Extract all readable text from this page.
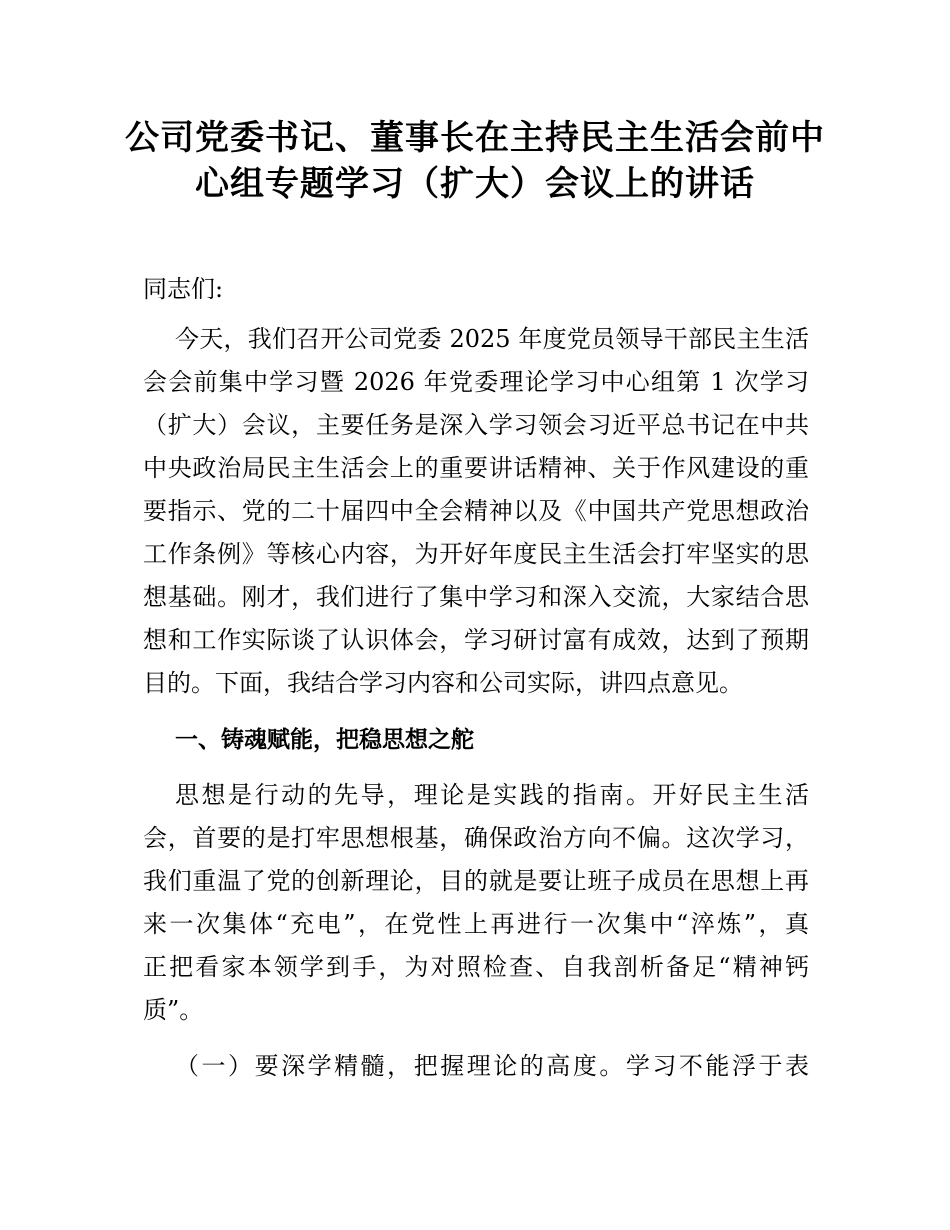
公司党委书记、董事长在主持民主生活会前中
心组专题学习（扩大）会议上的讲话
同志们:
今天，我们召开公司党委 2025 年度党员领导干部民主生活
会会前集中学习暨 2026 年党委理论学习中心组第 1 次学习
（扩大）会议，主要任务是深入学习领会习近平总书记在中共
中央政治局民主生活会上的重要讲话精神、关于作风建设的重
要指示、党的二十届四中全会精神以及《中国共产党思想政治
工作条例》等核心内容，为开好年度民主生活会打牢坚实的思
想基础。刚才，我们进行了集中学习和深入交流，大家结合思
想和工作实际谈了认识体会，学习研讨富有成效，达到了预期
目的。下面，我结合学习内容和公司实际，讲四点意见。
一、铸魂赋能，把稳思想之舵
思想是行动的先导，理论是实践的指南。开好民主生活
会，首要的是打牢思想根基，确保政治方向不偏。这次学习，
我们重温了党的创新理论，目的就是要让班子成员在思想上再
来一次集体“充电”，在党性上再进行一次集中“淬炼”，真
正把看家本领学到手，为对照检查、自我剖析备足“精神钙
质”。
（一）要深学精髓，把握理论的高度。学习不能浮于表
